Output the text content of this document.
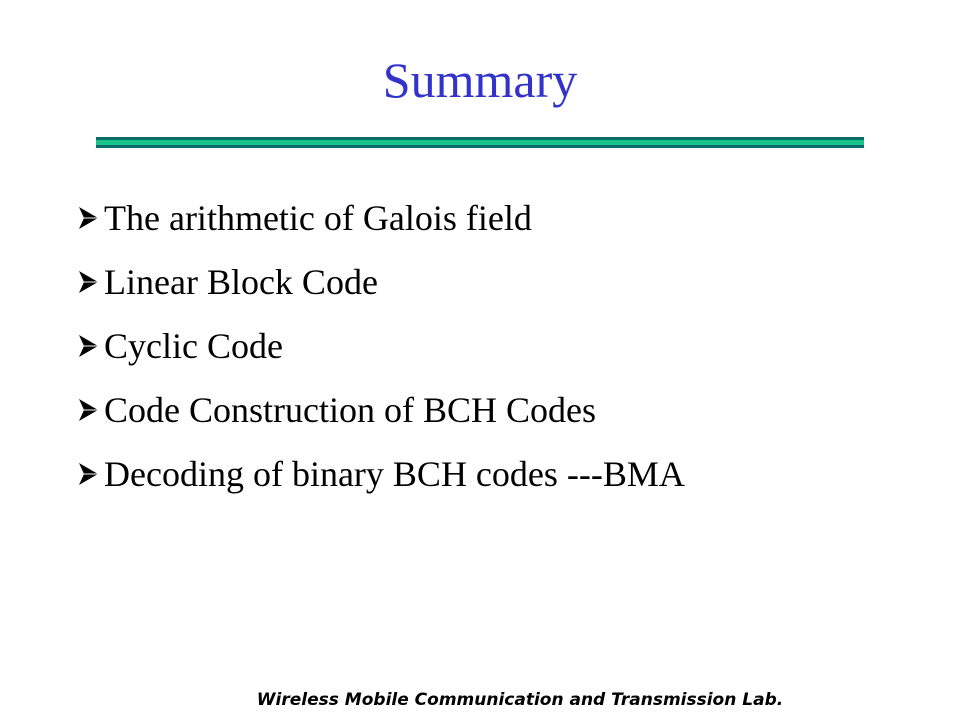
Summary
The arithmetic of Galois field
Linear Block Code
Cyclic Code
Code Construction of BCH Codes
Decoding of binary BCH codes ---BMA
Wireless Mobile Communication and Transmission Lab.
